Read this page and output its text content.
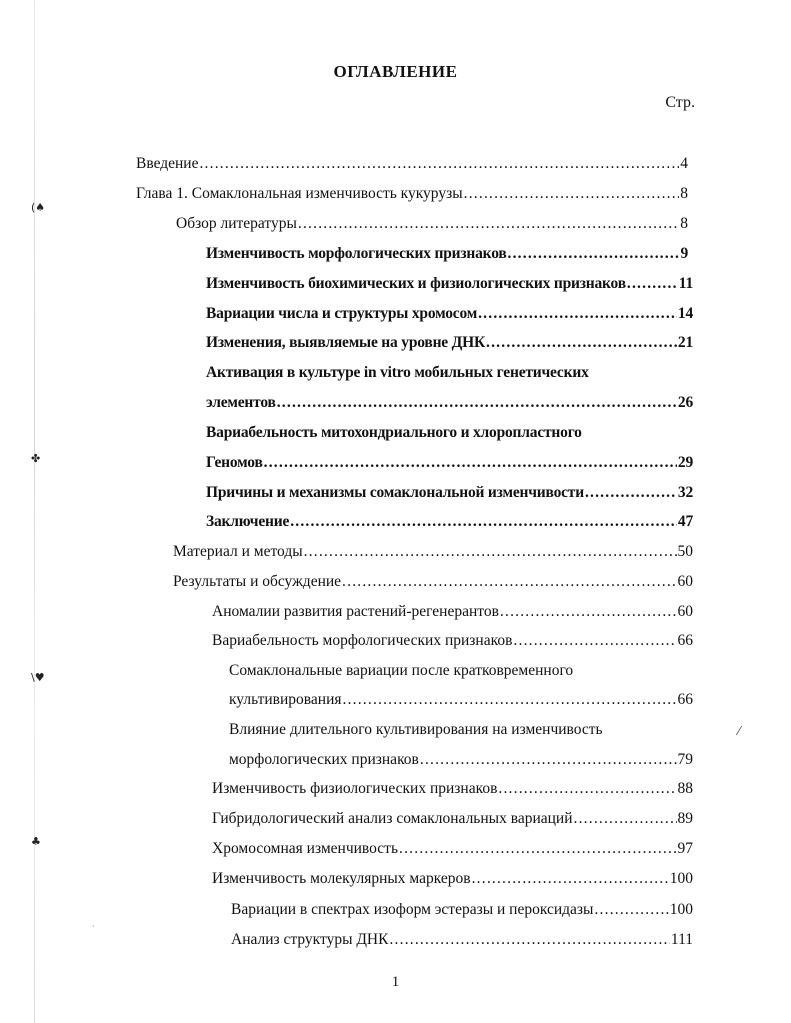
(♠
✤
\♥
♣
⁄
·
ОГЛАВЛЕНИЕ
Стр.
Введение .....	4
Глава 1. Сомаклональная изменчивость кукурузы .....	8
Обзор литературы .....	8
Изменчивость морфологических признаков .....	9
Изменчивость биохимических и физиологических признаков .....	11
Вариации числа и структуры хромосом .....	14
Изменения, выявляемые на уровне ДНК .....	21
Активация в культуре in vitro мобильных генетических
элементов .....	26
Вариабельность митохондриального и хлоропластного
Геномов .....	29
Причины и механизмы сомаклональной изменчивости .....	32
Заключение .....	47
Материал и методы .....	50
Результаты и обсуждение .....	60
Аномалии развития растений-регенерантов .....	60
Вариабельность морфологических признаков .....	66
Сомаклональные вариации после кратковременного
культивирования .....	66
Влияние длительного культивирования на изменчивость
морфологических признаков .....	79
Изменчивость физиологических признаков .....	88
Гибридологический анализ сомаклональных вариаций .....	89
Хромосомная изменчивость .....	97
Изменчивость молекулярных маркеров .....	100
Вариации в спектрах изоформ эстеразы и пероксидазы .....	100
Анализ структуры ДНК .....	111
1
